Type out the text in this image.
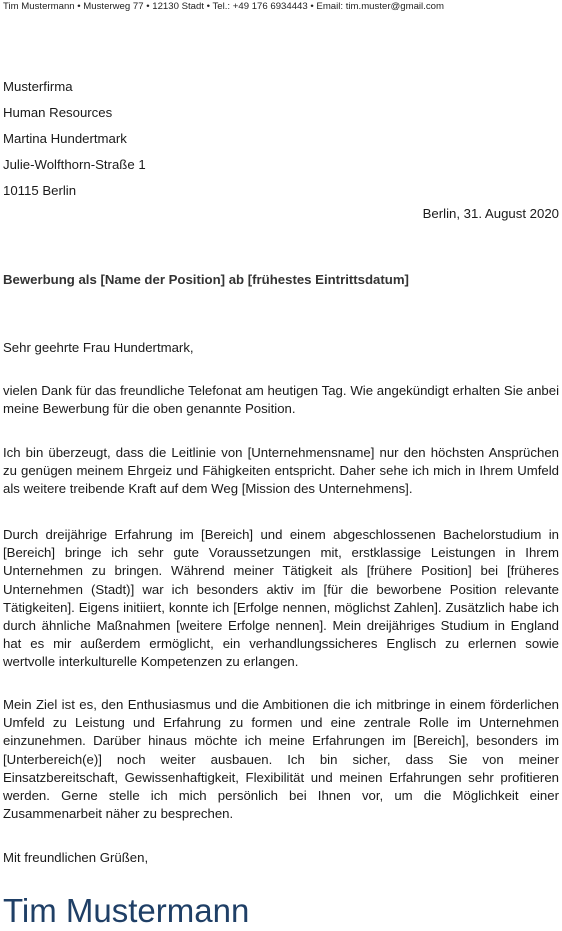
Tim Mustermann • Musterweg 77 • 12130 Stadt • Tel.: +49 176 6934443 • Email: tim.muster@gmail.com
Musterfirma
Human Resources
Martina Hundertmark
Julie-Wolfthorn-Straße 1
10115 Berlin
Berlin, 31. August 2020
Bewerbung als [Name der Position] ab [frühestes Eintrittsdatum]
Sehr geehrte Frau Hundertmark,

vielen Dank für das freundliche Telefonat am heutigen Tag. Wie angekündigt erhalten Sie anbei meine Bewerbung für die oben genannte Position.

Ich bin überzeugt, dass die Leitlinie von [Unternehmensname] nur den höchsten Ansprüchen zu genügen meinem Ehrgeiz und Fähigkeiten entspricht. Daher sehe ich mich in Ihrem Umfeld als weitere treibende Kraft auf dem Weg [Mission des Unternehmens].

Durch dreijährige Erfahrung im [Bereich] und einem abgeschlossenen Bachelorstudium in [Bereich] bringe ich sehr gute Voraussetzungen mit, erstklassige Leistungen in Ihrem Unternehmen zu bringen. Während meiner Tätigkeit als [frühere Position] bei [früheres Unternehmen (Stadt)] war ich besonders aktiv im [für die beworbene Position relevante Tätigkeiten]. Eigens initiiert, konnte ich [Erfolge nennen, möglichst Zahlen]. Zusätzlich habe ich durch ähnliche Maßnahmen [weitere Erfolge nennen]. Mein dreijähriges Studium in England hat es mir außerdem ermöglicht, ein verhandlungssicheres Englisch zu erlernen sowie wertvolle interkulturelle Kompetenzen zu erlangen.

Mein Ziel ist es, den Enthusiasmus und die Ambitionen die ich mitbringe in einem förderlichen Umfeld zu Leistung und Erfahrung zu formen und eine zentrale Rolle im Unternehmen einzunehmen. Darüber hinaus möchte ich meine Erfahrungen im [Bereich], besonders im [Unterbereich(e)] noch weiter ausbauen. Ich bin sicher, dass Sie von meiner Einsatzbereitschaft, Gewissenhaftigkeit, Flexibilität und meinen Erfahrungen sehr profitieren werden. Gerne stelle ich mich persönlich bei Ihnen vor, um die Möglichkeit einer Zusammenarbeit näher zu besprechen.

Mit freundlichen Grüßen,
Tim Mustermann
